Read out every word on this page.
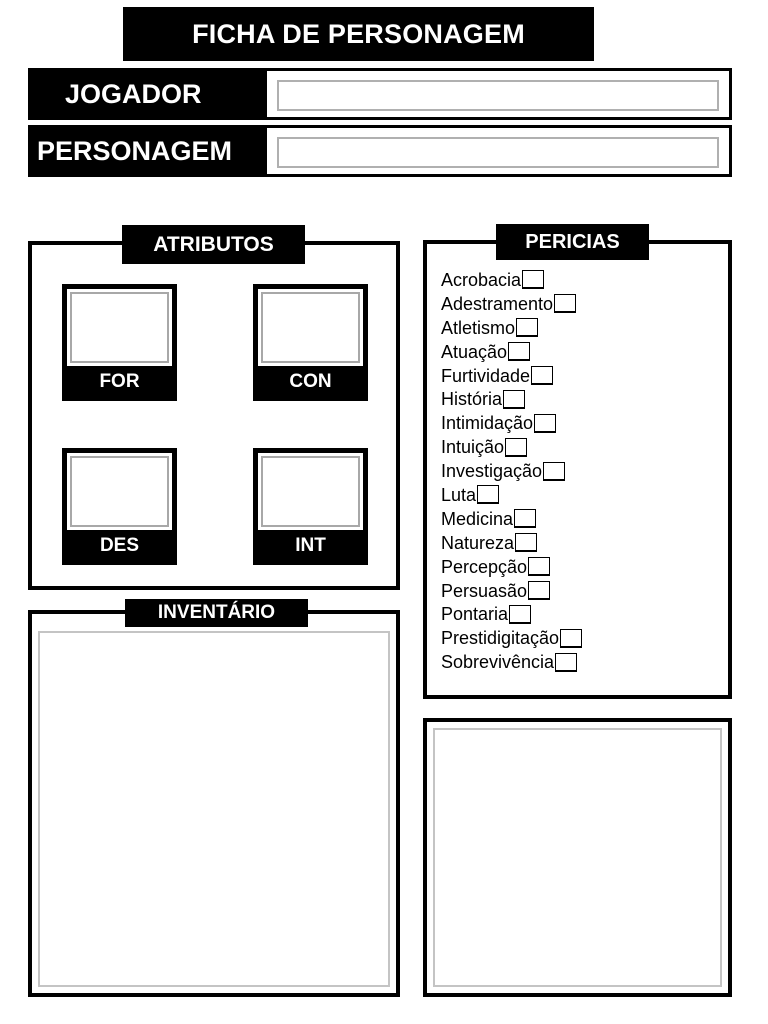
FICHA DE PERSONAGEM
JOGADOR
PERSONAGEM
ATRIBUTOS
FOR	CON
DES	INT
PERICIAS
Acrobacia
Adestramento
Atletismo
Atuação
Furtividade
História
Intimidação
Intuição
Investigação
Luta
Medicina
Natureza
Percepção
Persuasão
Pontaria
Prestidigitação
Sobrevivência
INVENTÁRIO
